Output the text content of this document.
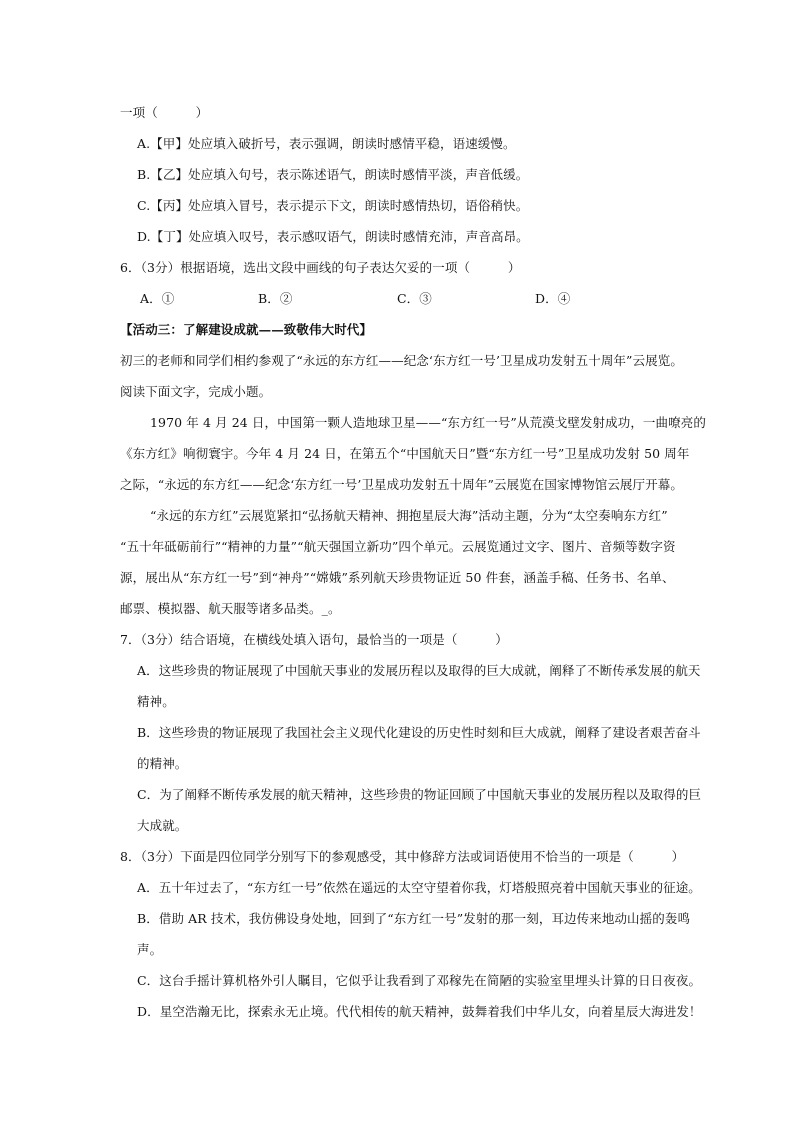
一项（　　　）
A.【甲】处应填入破折号，表示强调，朗读时感情平稳，语速缓慢。
B.【乙】处应填入句号，表示陈述语气，朗读时感情平淡，声音低缓。
C.【丙】处应填入冒号，表示提示下文，朗读时感情热切，语俗稍快。
D.【丁】处应填入叹号，表示感叹语气，朗读时感情充沛，声音高昂。
6．（3分）根据语境，选出文段中画线的句子表达欠妥的一项（　　　）
A．①	B．②	C．③	D．④
【活动三：了解建设成就——致敬伟大时代】
初三的老师和同学们相约参观了“永远的东方红——纪念‘东方红一号’卫星成功发射五十周年”云展览。
阅读下面文字，完成小题。
1970 年 4 月 24 日，中国第一颗人造地球卫星——“东方红一号”从荒漠戈壁发射成功，一曲嘹亮的
《东方红》响彻寰宇。今年 4 月 24 日，在第五个“中国航天日”暨“东方红一号”卫星成功发射 50 周年
之际，“永远的东方红——纪念‘东方红一号’卫星成功发射五十周年”云展览在国家博物馆云展厅开幕。
“永远的东方红”云展览紧扣“弘扬航天精神、拥抱星辰大海”活动主题，分为“太空奏响东方红”
“五十年砥砺前行”“精神的力量”“航天强国立新功”四个单元。云展览通过文字、图片、音频等数字资
源，展出从“东方红一号”到“神舟”“嫦娥”系列航天珍贵物证近 50 件套，涵盖手稿、任务书、名单、
邮票、模拟器、航天服等诸多品类。_。
7．（3分）结合语境，在横线处填入语句，最恰当的一项是（　　　）
A．这些珍贵的物证展现了中国航天事业的发展历程以及取得的巨大成就，阐释了不断传承发展的航天
精神。
B．这些珍贵的物证展现了我国社会主义现代化建设的历史性时刻和巨大成就，阐释了建设者艰苦奋斗
的精神。
C．为了阐释不断传承发展的航天精神，这些珍贵的物证回顾了中国航天事业的发展历程以及取得的巨
大成就。
8．（3分）下面是四位同学分别写下的参观感受，其中修辞方法或词语使用不恰当的一项是（　　　）
A．五十年过去了，“东方红一号”依然在遥远的太空守望着你我，灯塔般照亮着中国航天事业的征途。
B．借助 AR 技术，我仿佛设身处地，回到了“东方红一号”发射的那一刻，耳边传来地动山摇的轰鸣
声。
C．这台手摇计算机格外引人瞩目，它似乎让我看到了邓稼先在简陋的实验室里埋头计算的日日夜夜。
D．星空浩瀚无比，探索永无止境。代代相传的航天精神，鼓舞着我们中华儿女，向着星辰大海进发！
